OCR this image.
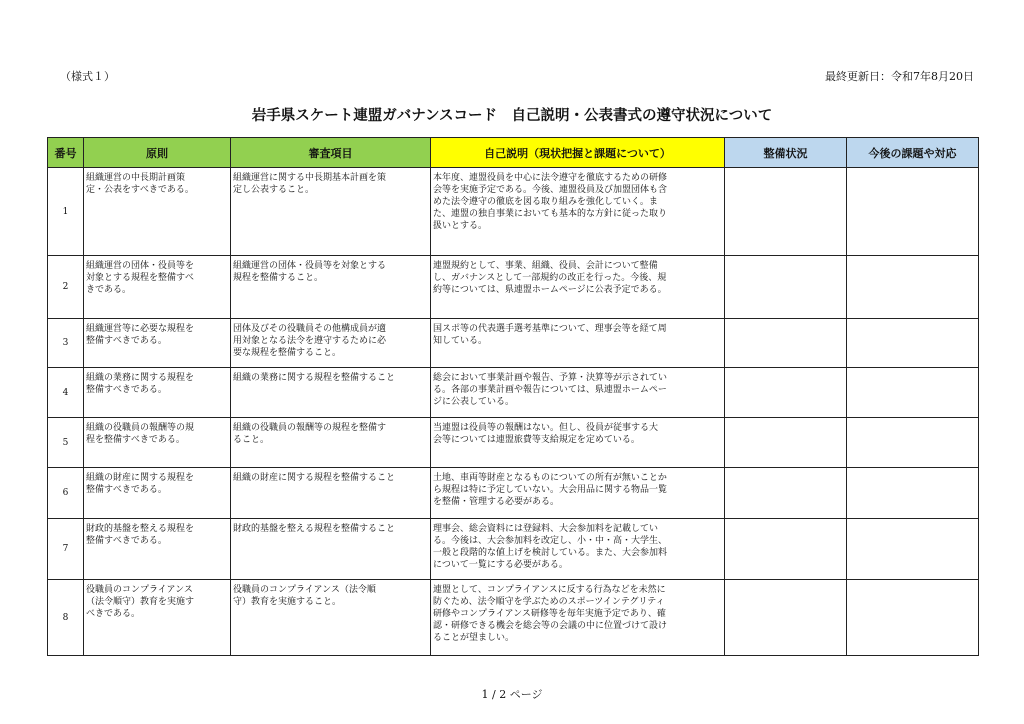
（様式１）	最終更新日：令和7年8月20日
岩手県スケート連盟ガバナンスコード　自己説明・公表書式の遵守状況について
番号	原則	審査項目	自己説明（現状把握と課題について）	整備状況	今後の課題や対応
1	組織運営の中長期計画策
定・公表をすべきである。	組織運営に関する中長期基本計画を策
定し公表すること。	本年度、連盟役員を中心に法令遵守を徹底するための研修
会等を実施予定である。今後、連盟役員及び加盟団体も含
めた法令遵守の徹底を図る取り組みを強化していく。ま
た、連盟の独自事業においても基本的な方針に従った取り
扱いとする。		

2	組織運営の団体・役員等を
対象とする規程を整備すべ
きである。	組織運営の団体・役員等を対象とする
規程を整備すること。	連盟規約として、事業、組織、役員、会計について整備
し、ガバナンスとして一部規約の改正を行った。今後、規
約等については、県連盟ホームページに公表予定である。		

3	組織運営等に必要な規程を
整備すべきである。	団体及びその役職員その他構成員が適
用対象となる法令を遵守するために必
要な規程を整備すること。	国スポ等の代表選手選考基準について、理事会等を経て周
知している。		

4	組織の業務に関する規程を
整備すべきである。	組織の業務に関する規程を整備すること	総会において事業計画や報告、予算・決算等が示されてい
る。各部の事業計画や報告については、県連盟ホームペー
ジに公表している。		

5	組織の役職員の報酬等の規
程を整備すべきである。	組織の役職員の報酬等の規程を整備す
ること。	当連盟は役員等の報酬はない。但し、役員が従事する大
会等については連盟旅費等支給規定を定めている。		

6	組織の財産に関する規程を
整備すべきである。	組織の財産に関する規程を整備すること	土地、車両等財産となるものについての所有が無いことか
ら規程は特に予定していない。大会用品に関する物品一覧
を整備・管理する必要がある。		

7	財政的基盤を整える規程を
整備すべきである。	財政的基盤を整える規程を整備すること	理事会、総会資料には登録料、大会参加料を記載してい
る。今後は、大会参加料を改定し、小・中・高・大学生、
一般と段階的な値上げを検討している。また、大会参加料
について一覧にする必要がある。		

8	役職員のコンプライアンス
（法令順守）教育を実施す
べきである。	役職員のコンプライアンス（法令順
守）教育を実施すること。	連盟として、コンプライアンスに反する行為などを未然に
防ぐため、法令順守を学ぶためのスポーツインテグリティ
研修やコンプライアンス研修等を毎年実施予定であり、確
認・研修できる機会を総会等の会議の中に位置づけて設け
ることが望ましい。		

1 / 2 ページ
